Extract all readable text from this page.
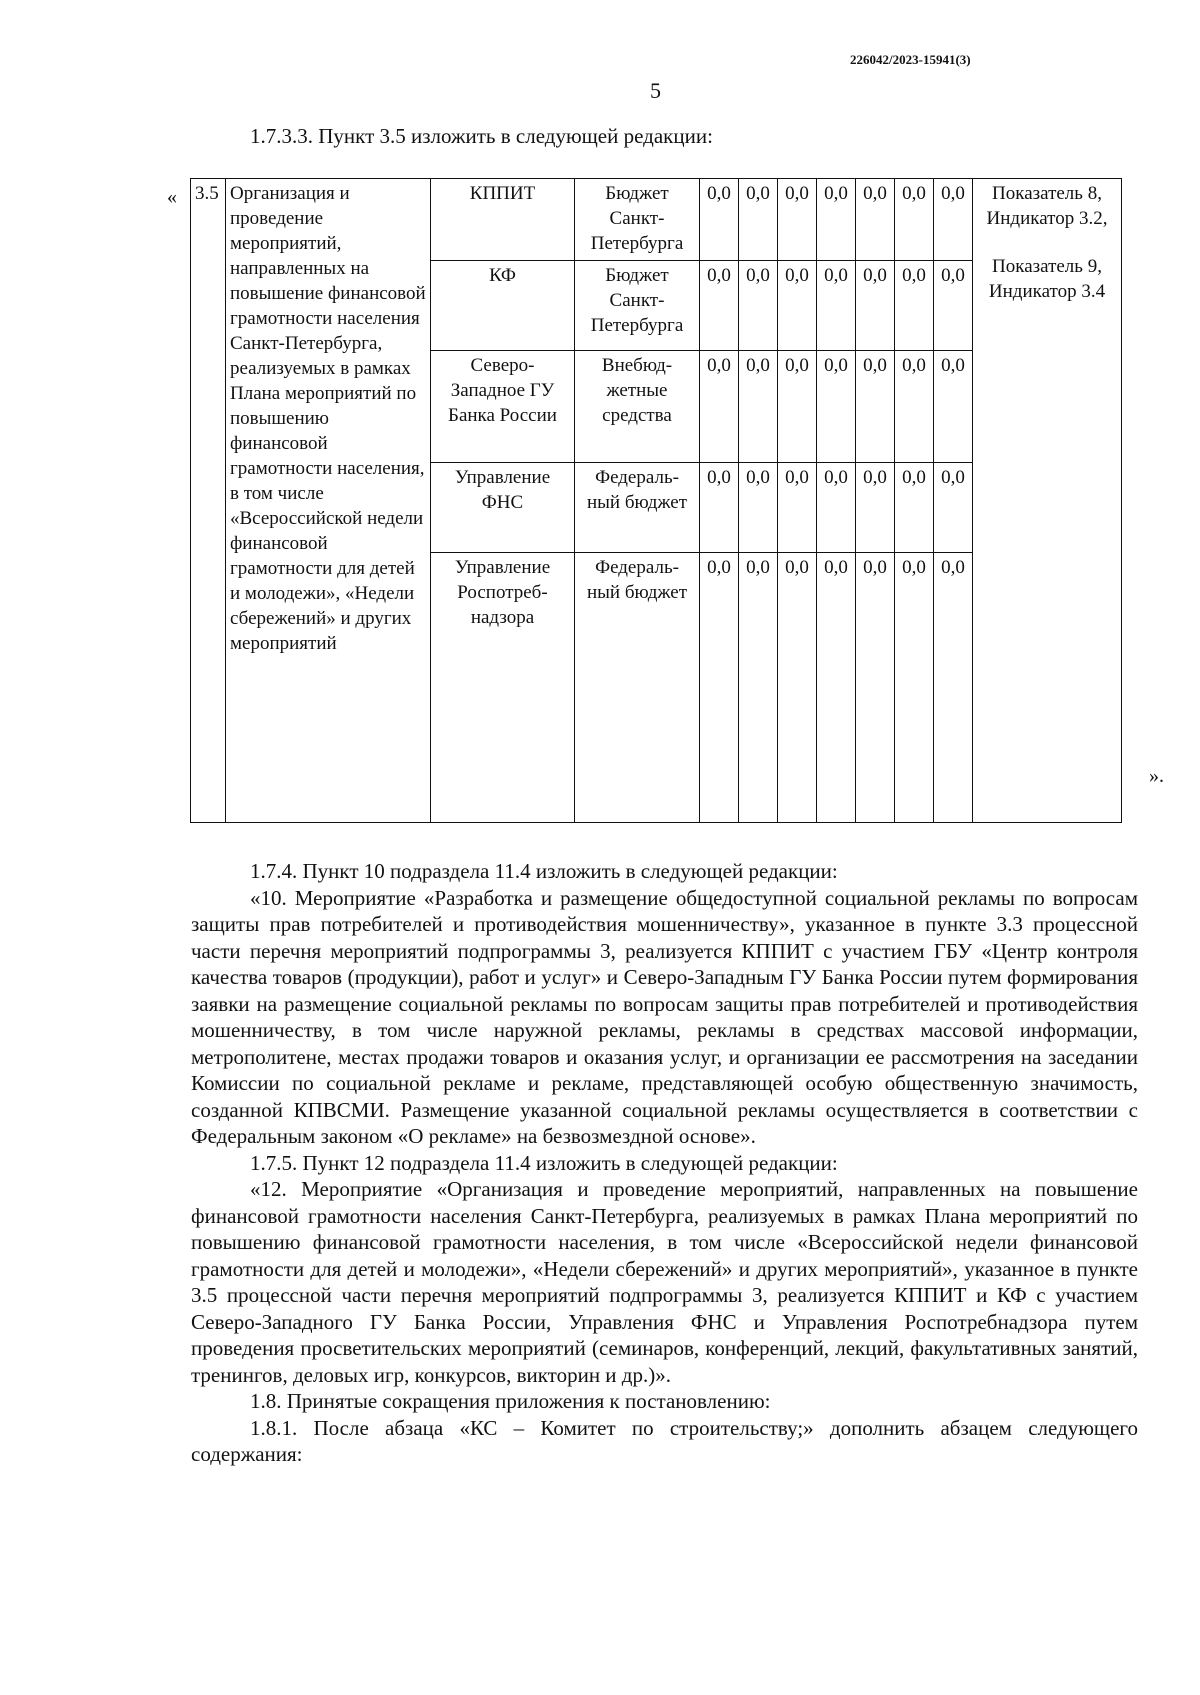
226042/2023-15941(3)
5
1.7.3.3. Пункт 3.5 изложить в следующей редакции:
« 3.5	Организация и проведение мероприятий, направленных на повышение финансовой грамотности населения Санкт-Петербурга, реализуемых в рамках Плана мероприятий по повышению финансовой грамотности населения, в том числе «Всероссийской недели финансовой грамотности для детей и молодежи», «Недели сбережений» и других мероприятий	КППИТ	Бюджет Санкт-Петербурга	0,0	0,0	0,0	0,0	0,0	0,0	0,0	Показатель 8, Индикатор 3.2,
Показатель 9, Индикатор 3.4

		КФ	Бюджет Санкт-Петербурга	0,0	0,0	0,0	0,0	0,0	0,0	0,0	
		Северо-Западное ГУ Банка России	Внебюд-жетные средства	0,0	0,0	0,0	0,0	0,0	0,0	0,0	
		Управление ФНС	Федераль-ный бюджет	0,0	0,0	0,0	0,0	0,0	0,0	0,0	
		Управление Роспотреб-надзора	Федераль-ный бюджет	0,0	0,0	0,0	0,0	0,0	0,0	0,0	
».

1.7.4. Пункт 10 подраздела 11.4 изложить в следующей редакции:

«10. Мероприятие «Разработка и размещение общедоступной социальной рекламы по вопросам защиты прав потребителей и противодействия мошенничеству», указанное в пункте 3.3 процессной части перечня мероприятий подпрограммы 3, реализуется КППИТ с участием ГБУ «Центр контроля качества товаров (продукции), работ и услуг» и Северо-Западным ГУ Банка России путем формирования заявки на размещение социальной рекламы по вопросам защиты прав потребителей и противодействия мошенничеству, в том числе наружной рекламы, рекламы в средствах массовой информации, метрополитене, местах продажи товаров и оказания услуг, и организации ее рассмотрения на заседании Комиссии по социальной рекламе и рекламе, представляющей особую общественную значимость, созданной КПВСМИ. Размещение указанной социальной рекламы осуществляется в соответствии с Федеральным законом «О рекламе» на безвозмездной основе».

1.7.5. Пункт 12 подраздела 11.4 изложить в следующей редакции:

«12. Мероприятие «Организация и проведение мероприятий, направленных на повышение финансовой грамотности населения Санкт-Петербурга, реализуемых в рамках Плана мероприятий по повышению финансовой грамотности населения, в том числе «Всероссийской недели финансовой грамотности для детей и молодежи», «Недели сбережений» и других мероприятий», указанное в пункте 3.5 процессной части перечня мероприятий подпрограммы 3, реализуется КППИТ и КФ с участием Северо-Западного ГУ Банка России, Управления ФНС и Управления Роспотребнадзора путем проведения просветительских мероприятий (семинаров, конференций, лекций, факультативных занятий, тренингов, деловых игр, конкурсов, викторин и др.)».

1.8. Принятые сокращения приложения к постановлению:

1.8.1. После абзаца «КС – Комитет по строительству;» дополнить абзацем следующего содержания:
